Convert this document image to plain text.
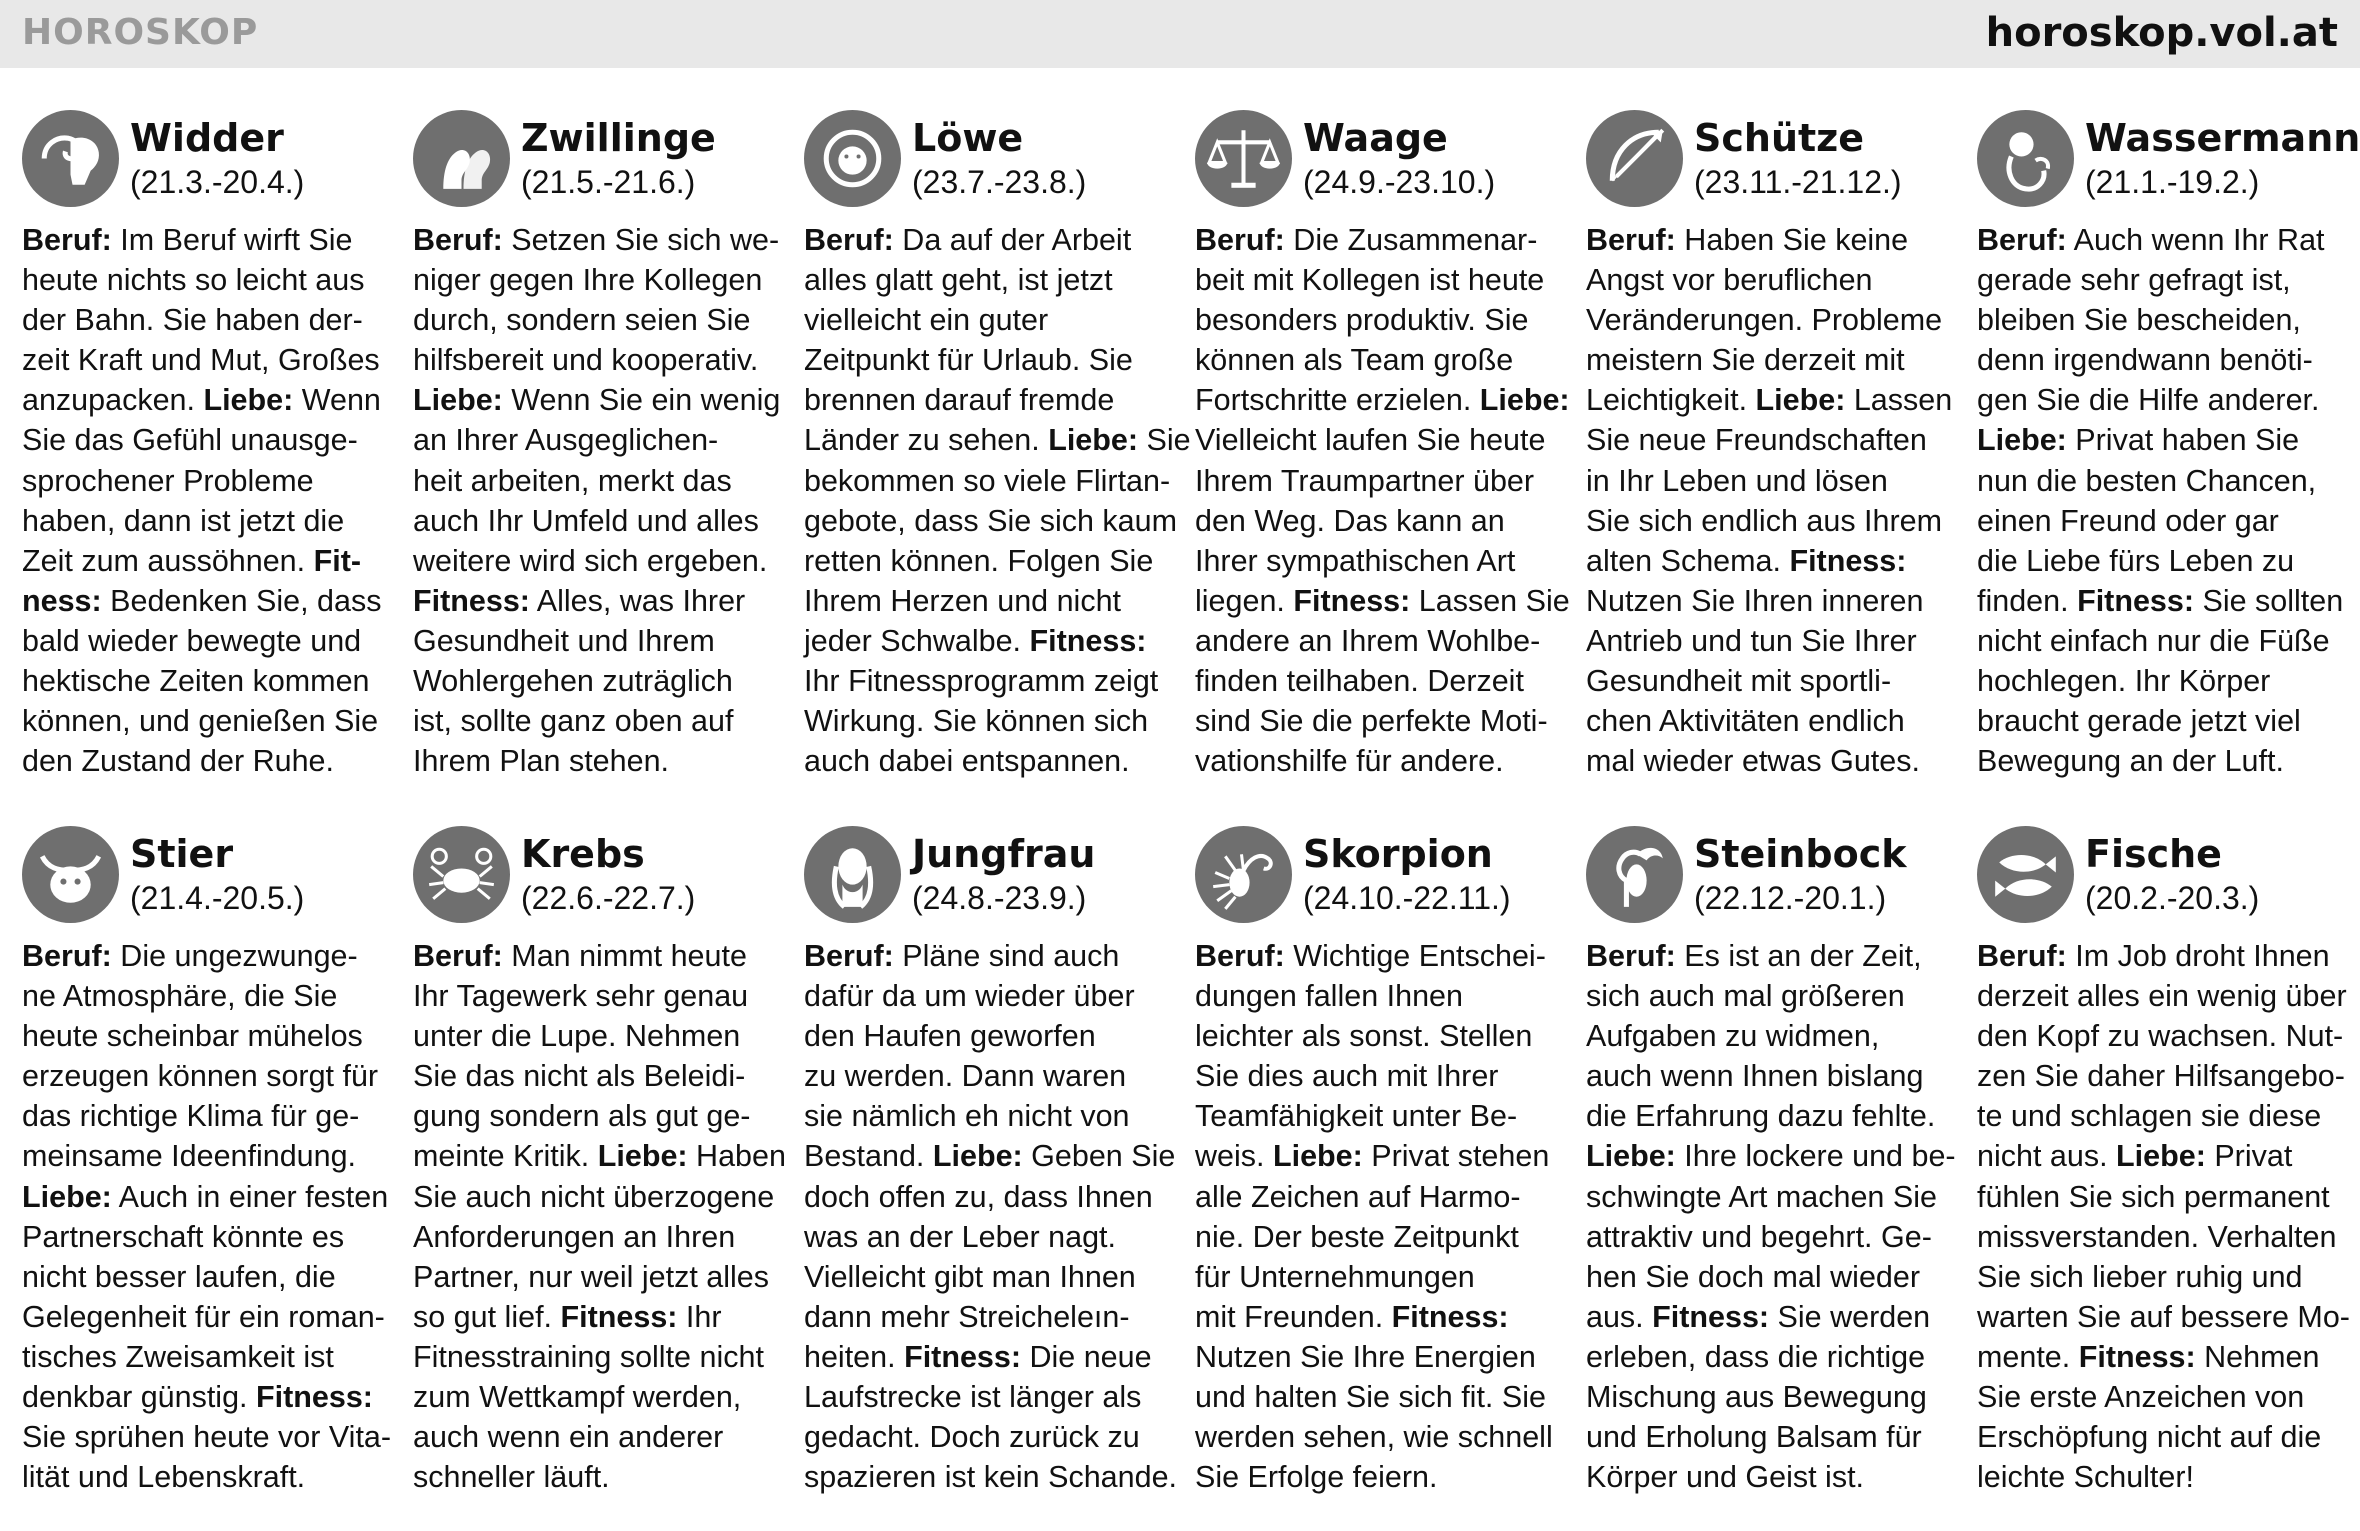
HOROSKOP	horoskop.vol.at
Widder
(21.3.-20.4.)
Beruf: Im Beruf wirft Sie
heute nichts so leicht aus
der Bahn. Sie haben der-
zeit Kraft und Mut, Großes
anzupacken. Liebe: Wenn
Sie das Gefühl unausge-
sprochener Probleme
haben, dann ist jetzt die
Zeit zum aussöhnen. Fit-
ness: Bedenken Sie, dass
bald wieder bewegte und
hektische Zeiten kommen
können, und genießen Sie
den Zustand der Ruhe.
Zwillinge
(21.5.-21.6.)
Beruf: Setzen Sie sich we-
niger gegen Ihre Kollegen
durch, sondern seien Sie
hilfsbereit und kooperativ.
Liebe: Wenn Sie ein wenig
an Ihrer Ausgeglichen-
heit arbeiten, merkt das
auch Ihr Umfeld und alles
weitere wird sich ergeben.
Fitness: Alles, was Ihrer
Gesundheit und Ihrem
Wohlergehen zuträglich
ist, sollte ganz oben auf
Ihrem Plan stehen.
Löwe
(23.7.-23.8.)
Beruf: Da auf der Arbeit
alles glatt geht, ist jetzt
vielleicht ein guter
Zeitpunkt für Urlaub. Sie
brennen darauf fremde
Länder zu sehen. Liebe: Sie
bekommen so viele Flirtan-
gebote, dass Sie sich kaum
retten können. Folgen Sie
Ihrem Herzen und nicht
jeder Schwalbe. Fitness:
Ihr Fitnessprogramm zeigt
Wirkung. Sie können sich
auch dabei entspannen.
Waage
(24.9.-23.10.)
Beruf: Die Zusammenar-
beit mit Kollegen ist heute
besonders produktiv. Sie
können als Team große
Fortschritte erzielen. Liebe:
Vielleicht laufen Sie heute
Ihrem Traumpartner über
den Weg. Das kann an
Ihrer sympathischen Art
liegen. Fitness: Lassen Sie
andere an Ihrem Wohlbe-
finden teilhaben. Derzeit
sind Sie die perfekte Moti-
vationshilfe für andere.
Schütze
(23.11.-21.12.)
Beruf: Haben Sie keine
Angst vor beruflichen
Veränderungen. Probleme
meistern Sie derzeit mit
Leichtigkeit. Liebe: Lassen
Sie neue Freundschaften
in Ihr Leben und lösen
Sie sich endlich aus Ihrem
alten Schema. Fitness:
Nutzen Sie Ihren inneren
Antrieb und tun Sie Ihrer
Gesundheit mit sportli-
chen Aktivitäten endlich
mal wieder etwas Gutes.
Wassermann
(21.1.-19.2.)
Beruf: Auch wenn Ihr Rat
gerade sehr gefragt ist,
bleiben Sie bescheiden,
denn irgendwann benöti-
gen Sie die Hilfe anderer.
Liebe: Privat haben Sie
nun die besten Chancen,
einen Freund oder gar
die Liebe fürs Leben zu
finden. Fitness: Sie sollten
nicht einfach nur die Füße
hochlegen. Ihr Körper
braucht gerade jetzt viel
Bewegung an der Luft.
Stier
(21.4.-20.5.)
Beruf: Die ungezwunge-
ne Atmosphäre, die Sie
heute scheinbar mühelos
erzeugen können sorgt für
das richtige Klima für ge-
meinsame Ideenfindung.
Liebe: Auch in einer festen
Partnerschaft könnte es
nicht besser laufen, die
Gelegenheit für ein roman-
tisches Zweisamkeit ist
denkbar günstig. Fitness:
Sie sprühen heute vor Vita-
lität und Lebenskraft.
Krebs
(22.6.-22.7.)
Beruf: Man nimmt heute
Ihr Tagewerk sehr genau
unter die Lupe. Nehmen
Sie das nicht als Beleidi-
gung sondern als gut ge-
meinte Kritik. Liebe: Haben
Sie auch nicht überzogene
Anforderungen an Ihren
Partner, nur weil jetzt alles
so gut lief. Fitness: Ihr
Fitnesstraining sollte nicht
zum Wettkampf werden,
auch wenn ein anderer
schneller läuft.
Jungfrau
(24.8.-23.9.)
Beruf: Pläne sind auch
dafür da um wieder über
den Haufen geworfen
zu werden. Dann waren
sie nämlich eh nicht von
Bestand. Liebe: Geben Sie
doch offen zu, dass Ihnen
was an der Leber nagt.
Vielleicht gibt man Ihnen
dann mehr Streicheleın-
heiten. Fitness: Die neue
Laufstrecke ist länger als
gedacht. Doch zurück zu
spazieren ist kein Schande.
Skorpion
(24.10.-22.11.)
Beruf: Wichtige Entschei-
dungen fallen Ihnen
leichter als sonst. Stellen
Sie dies auch mit Ihrer
Teamfähigkeit unter Be-
weis. Liebe: Privat stehen
alle Zeichen auf Harmo-
nie. Der beste Zeitpunkt
für Unternehmungen
mit Freunden. Fitness:
Nutzen Sie Ihre Energien
und halten Sie sich fit. Sie
werden sehen, wie schnell
Sie Erfolge feiern.
Steinbock
(22.12.-20.1.)
Beruf: Es ist an der Zeit,
sich auch mal größeren
Aufgaben zu widmen,
auch wenn Ihnen bislang
die Erfahrung dazu fehlte.
Liebe: Ihre lockere und be-
schwingte Art machen Sie
attraktiv und begehrt. Ge-
hen Sie doch mal wieder
aus. Fitness: Sie werden
erleben, dass die richtige
Mischung aus Bewegung
und Erholung Balsam für
Körper und Geist ist.
Fische
(20.2.-20.3.)
Beruf: Im Job droht Ihnen
derzeit alles ein wenig über
den Kopf zu wachsen. Nut-
zen Sie daher Hilfsangebo-
te und schlagen sie diese
nicht aus. Liebe: Privat
fühlen Sie sich permanent
missverstanden. Verhalten
Sie sich lieber ruhig und
warten Sie auf bessere Mo-
mente. Fitness: Nehmen
Sie erste Anzeichen von
Erschöpfung nicht auf die
leichte Schulter!
